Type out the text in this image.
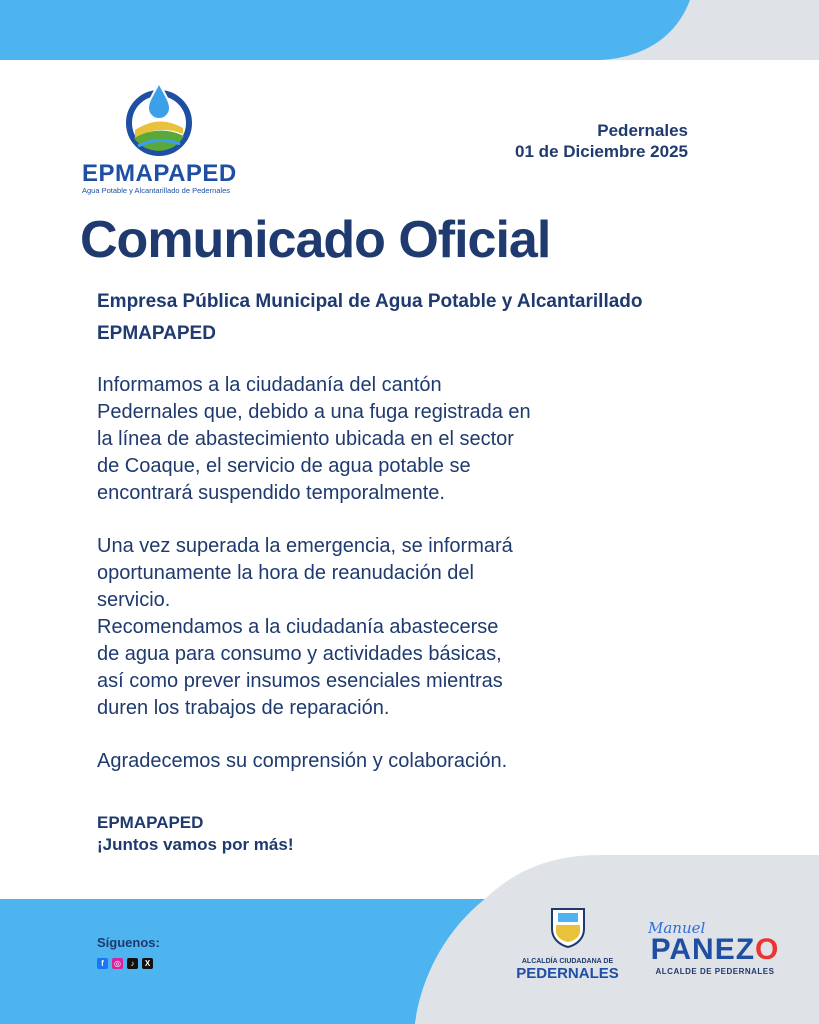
EPMAPAPED
Agua Potable y Alcantarillado de Pedernales
Pedernales
01 de Diciembre 2025
Comunicado Oficial
Empresa Pública Municipal de Agua Potable y Alcantarillado EPMAPAPED

Informamos a la ciudadanía del cantón
Pedernales que, debido a una fuga registrada en
la línea de abastecimiento ubicada en el sector
de Coaque, el servicio de agua potable se
encontrará suspendido temporalmente.

Una vez superada la emergencia, se informará
oportunamente la hora de reanudación del
servicio.

Recomendamos a la ciudadanía abastecerse
de agua para consumo y actividades básicas,
así como prever insumos esenciales mientras
duren los trabajos de reparación.

Agradecemos su comprensión y colaboración.

EPMAPAPED
¡Juntos vamos por más!
Síguenos:
f	◎	♪	X	ALCALDÍA CIUDADANA DE
PEDERNALES
Manuel
PANEZO
ALCALDE DE PEDERNALES
